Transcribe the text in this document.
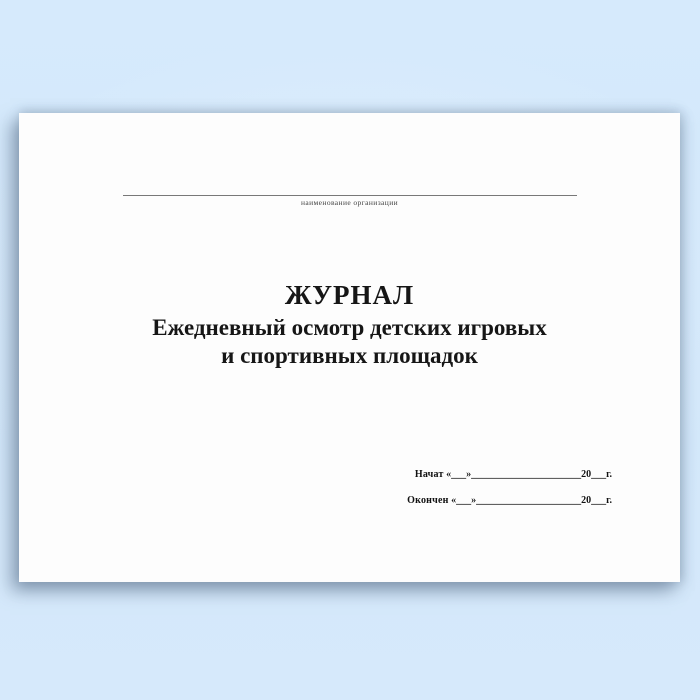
наименование организации
ЖУРНАЛ
Ежедневный осмотр детских игровых
и спортивных площадок
Начат «___»______________________20___г.
Окончен «___»_____________________20___г.
